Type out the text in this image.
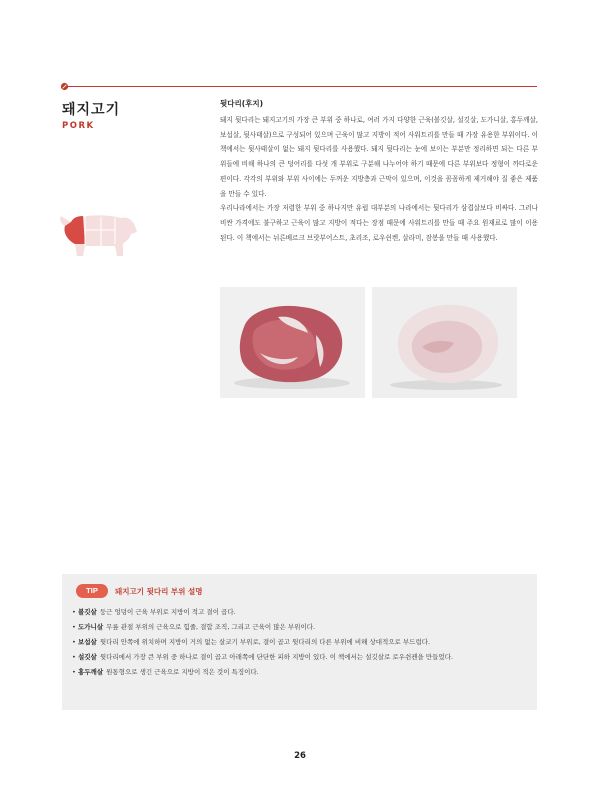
돼지고기
PORK
뒷다리(후지)

돼지 뒷다리는 돼지고기의 가장 큰 부위 중 하나로, 여러 가지 다양한 근육(볼깃살, 설깃살, 도가니살, 홍두깨살, 보섭살, 뒷사태살)으로 구성되어 있으며 근육이 많고 지방이 적어 사워트리를 만들 때 가장 유용한 부위이다. 이 책에서는 뒷사태살이 없는 돼지 뒷다리를 사용했다. 돼지 뒷다리는 눈에 보이는 부분만 정리하면 되는 다른 부위들에 비해 하나의 큰 덩어리를 다섯 개 부위로 구분해 나누어야 하기 때문에 다른 부위보다 정형이 까다로운 편이다. 각각의 부위와 부위 사이에는 두꺼운 지방층과 근막이 있으며, 이것을 꼼꼼하게 제거해야 질 좋은 제품을 만들 수 있다.

우리나라에서는 가장 저렴한 부위 중 하나지만 유럽 대부분의 나라에서는 뒷다리가 삼겹살보다 비싸다. 그러나 비싼 가격에도 불구하고 근육이 많고 지방이 적다는 장점 때문에 사워트리를 만들 때 주요 원재료로 많이 이용된다. 이 책에서는 뉘른베르크 브랏부어스트, 초리조, 로우쉰켄, 살라미, 잠봉을 만들 때 사용했다.

TIP	돼지고기 뒷다리 부위 설명
• 볼깃살 둥근 엉덩이 근육 부위로 지방이 적고 결이 곱다.
• 도가니살 무릎 관절 부위의 근육으로 힘줄, 결합 조직, 그리고 근육이 많은 부위이다.
• 보섭살 뒷다리 안쪽에 위치하며 지방이 거의 없는 살코기 부위로, 결이 곱고 뒷다리의 다른 부위에 비해 상대적으로 부드럽다.
• 설깃살 뒷다리에서 가장 큰 부위 중 하나로 결이 곱고 아래쪽에 단단한 피하 지방이 있다. 이 책에서는 설깃살로 로우쉰켄을 만들었다.
• 홍두깨살 원통형으로 생긴 근육으로 지방이 적은 것이 특징이다.
26
